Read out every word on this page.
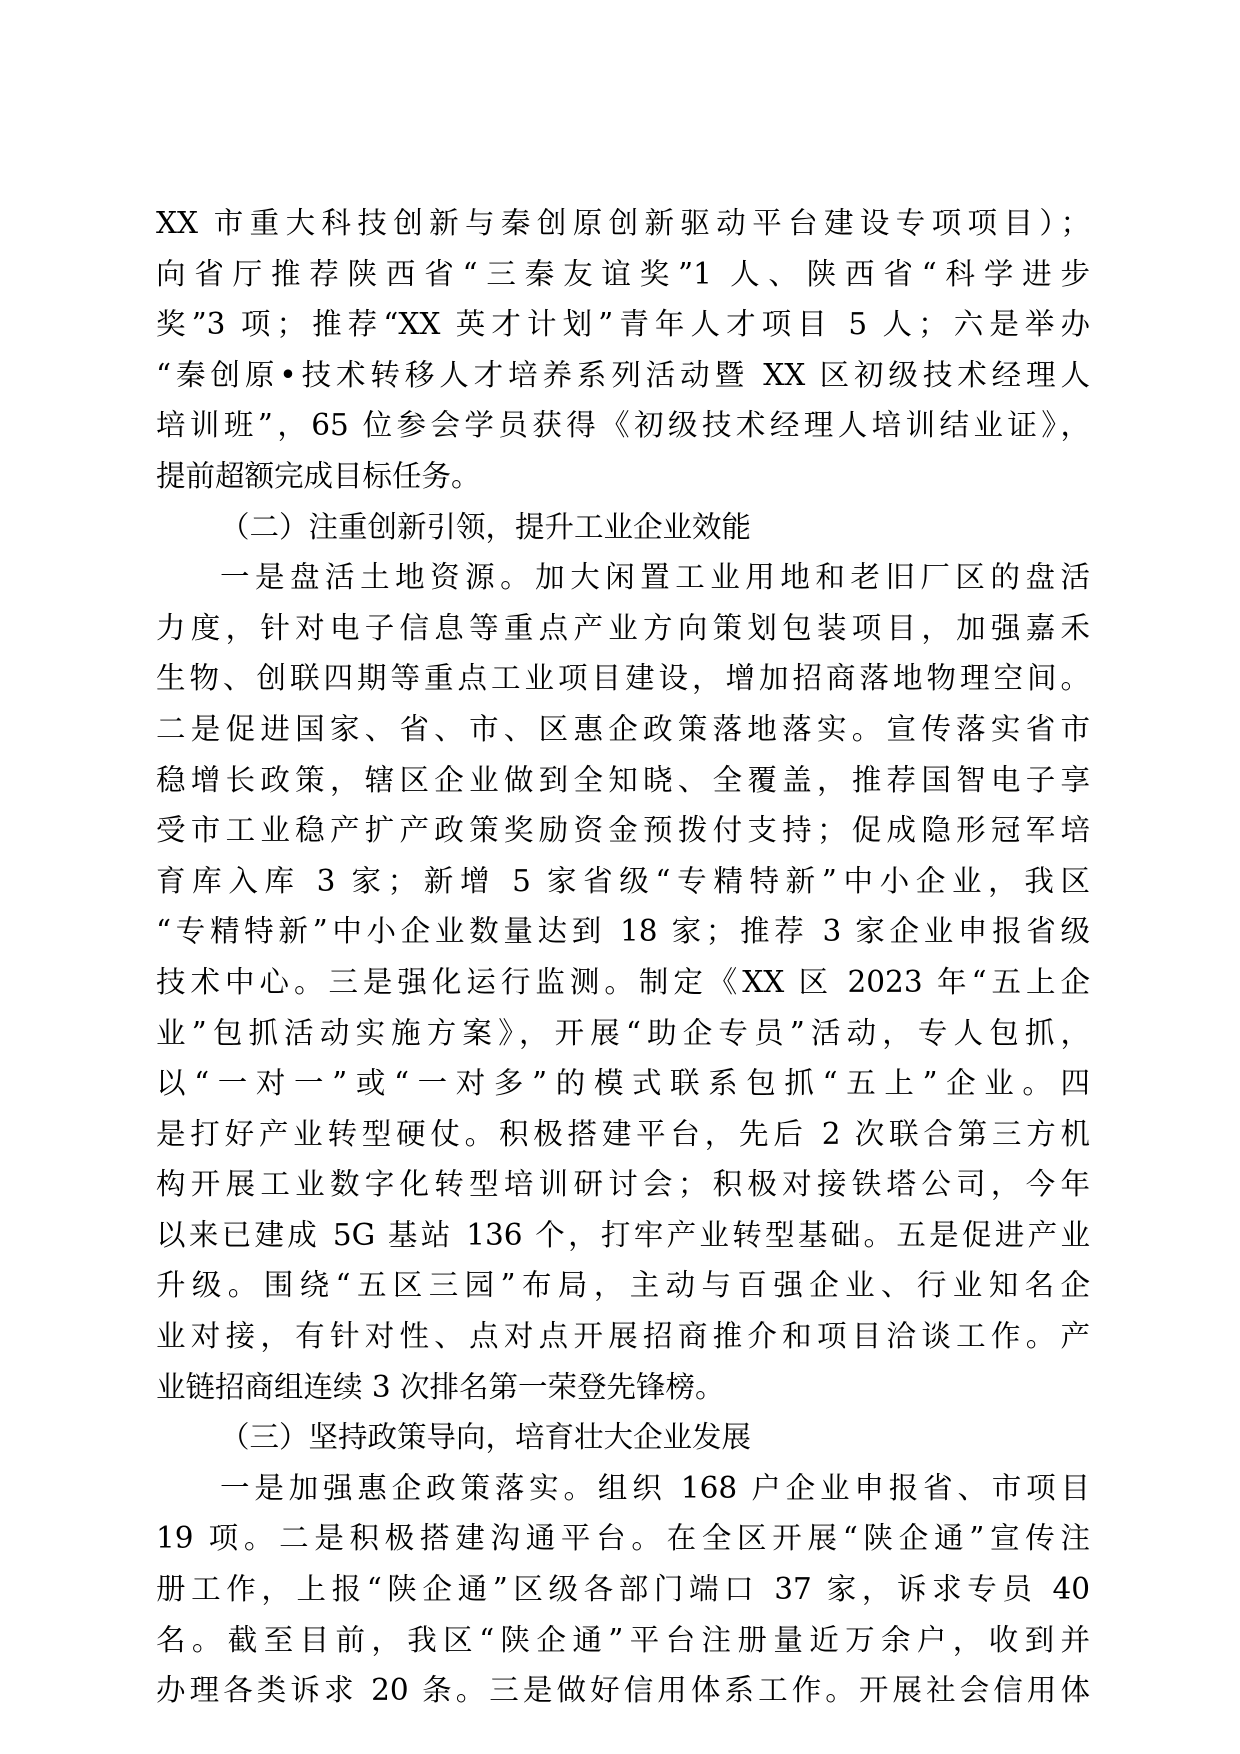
XX 市重大科技创新与秦创原创新驱动平台建设专项项目）；
向省厅推荐陕西省“三秦友谊奖”1 人、陕西省“科学进步
奖”3 项；推荐“XX 英才计划”青年人才项目 5 人；六是举办
“秦创原•技术转移人才培养系列活动暨 XX 区初级技术经理人
培训班”，65 位参会学员获得《初级技术经理人培训结业证》，
提前超额完成目标任务。
（二）注重创新引领，提升工业企业效能
一是盘活土地资源。加大闲置工业用地和老旧厂区的盘活
力度，针对电子信息等重点产业方向策划包装项目，加强嘉禾
生物、创联四期等重点工业项目建设，增加招商落地物理空间。
二是促进国家、省、市、区惠企政策落地落实。宣传落实省市
稳增长政策，辖区企业做到全知晓、全覆盖，推荐国智电子享
受市工业稳产扩产政策奖励资金预拨付支持；促成隐形冠军培
育库入库 3 家；新增 5 家省级“专精特新”中小企业，我区
“专精特新”中小企业数量达到 18 家；推荐 3 家企业申报省级
技术中心。三是强化运行监测。制定《XX 区 2023 年“五上企
业”包抓活动实施方案》，开展“助企专员”活动，专人包抓，
以“一对一”或“一对多”的模式联系包抓“五上”企业。四
是打好产业转型硬仗。积极搭建平台，先后 2 次联合第三方机
构开展工业数字化转型培训研讨会；积极对接铁塔公司，今年
以来已建成 5G 基站 136 个，打牢产业转型基础。五是促进产业
升级。围绕“五区三园”布局，主动与百强企业、行业知名企
业对接，有针对性、点对点开展招商推介和项目洽谈工作。产
业链招商组连续 3 次排名第一荣登先锋榜。
（三）坚持政策导向，培育壮大企业发展
一是加强惠企政策落实。组织 168 户企业申报省、市项目
19 项。二是积极搭建沟通平台。在全区开展“陕企通”宣传注
册工作，上报“陕企通”区级各部门端口 37 家，诉求专员 40
名。截至目前，我区“陕企通”平台注册量近万余户，收到并
办理各类诉求 20 条。三是做好信用体系工作。开展社会信用体
